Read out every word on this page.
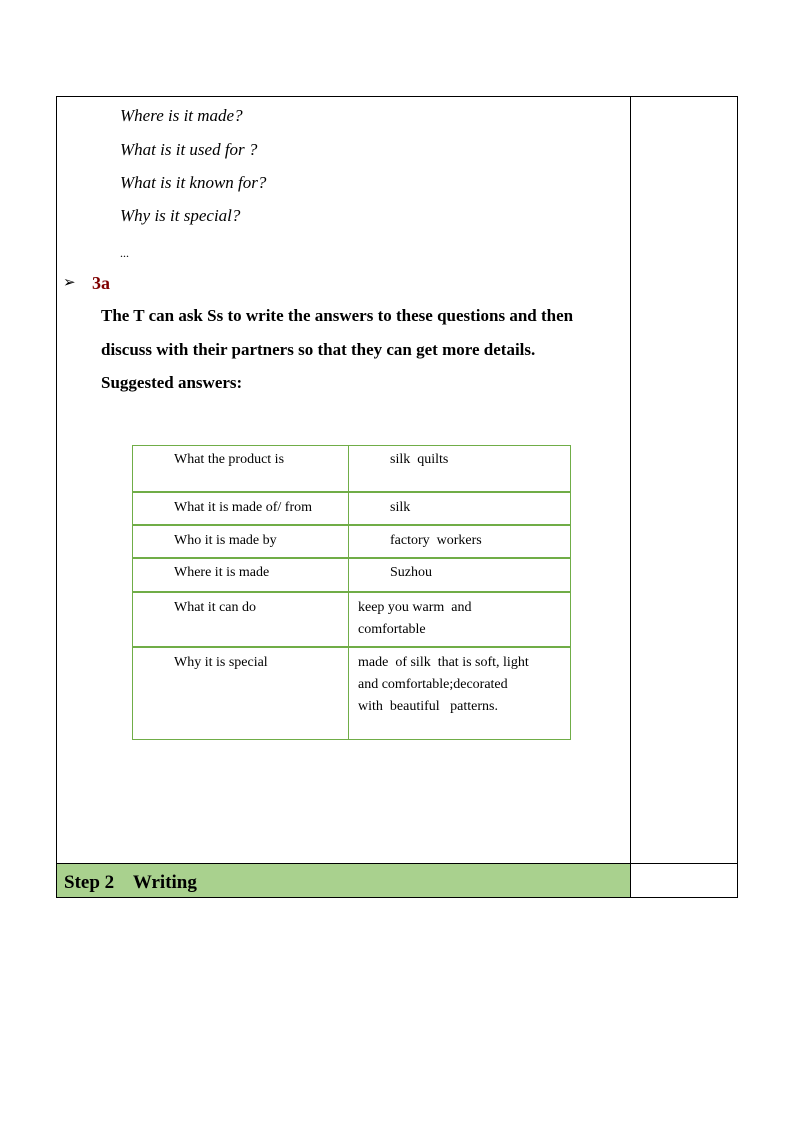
Where is it made?
What is it used for ?
What is it known for?
Why is it special?
...
➢ 3a
The T can ask Ss to write the answers to these questions and then
discuss with their partners so that they can get more details.
Suggested answers:
What the product is	silk  quilts
What it is made of/ from	silk
Who it is made by	factory  workers
Where it is made	Suzhou
What it can do	keep you warm  and
comfortable
Why it is special	made  of silk  that is soft, light
and comfortable;decorated
with  beautiful   patterns.
Step 2 Writing
